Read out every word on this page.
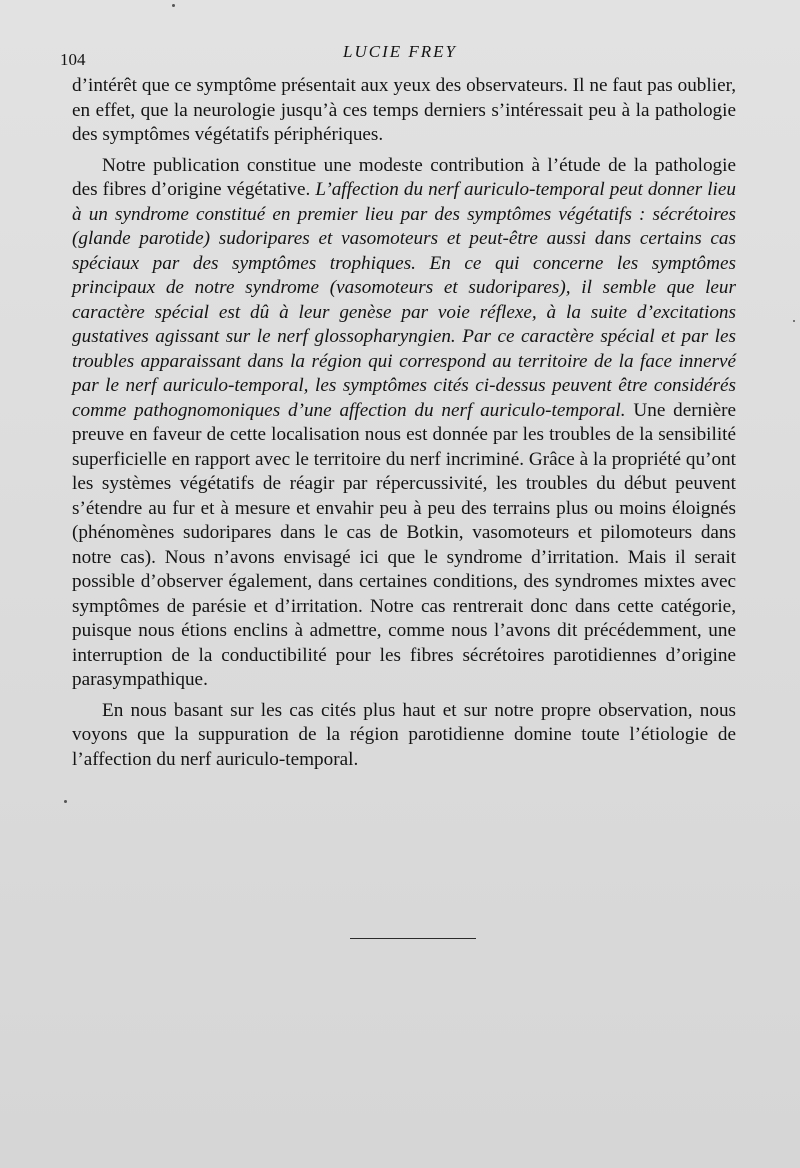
104	LUCIE FREY

d’intérêt que ce symptôme présentait aux yeux des observateurs. Il ne faut pas oublier, en effet, que la neurologie jusqu’à ces temps derniers s’intéressait peu à la pathologie des symptômes végétatifs périphériques.

Notre publication constitue une modeste contribution à l’étude de la pathologie des fibres d’origine végétative. L’affection du nerf auriculo-temporal peut donner lieu à un syndrome constitué en premier lieu par des symptômes végétatifs : sécrétoires (glande parotide) sudoripares et vasomoteurs et peut-être aussi dans certains cas spéciaux par des symptômes trophiques. En ce qui concerne les symptômes principaux de notre syndrome (vasomoteurs et sudoripares), il semble que leur caractère spécial est dû à leur genèse par voie réflexe, à la suite d’excitations gustatives agissant sur le nerf glossopharyngien. Par ce caractère spécial et par les troubles apparaissant dans la région qui correspond au territoire de la face innervé par le nerf auriculo-temporal, les symptômes cités ci-dessus peuvent être considérés comme pathognomoniques d’une affection du nerf auriculo-temporal. Une dernière preuve en faveur de cette localisation nous est donnée par les troubles de la sensibilité superficielle en rapport avec le territoire du nerf incriminé. Grâce à la propriété qu’ont les systèmes végétatifs de réagir par répercussivité, les troubles du début peuvent s’étendre au fur et à mesure et envahir peu à peu des terrains plus ou moins éloignés (phénomènes sudoripares dans le cas de Botkin, vasomoteurs et pilomoteurs dans notre cas). Nous n’avons envisagé ici que le syndrome d’irritation. Mais il serait possible d’observer également, dans certaines conditions, des syndromes mixtes avec symptômes de parésie et d’irritation. Notre cas rentrerait donc dans cette catégorie, puisque nous étions enclins à admettre, comme nous l’avons dit précédemment, une interruption de la conductibilité pour les fibres sécrétoires parotidiennes d’origine parasympathique.

En nous basant sur les cas cités plus haut et sur notre propre observation, nous voyons que la suppuration de la région parotidienne domine toute l’étiologie de l’affection du nerf auriculo-temporal.
